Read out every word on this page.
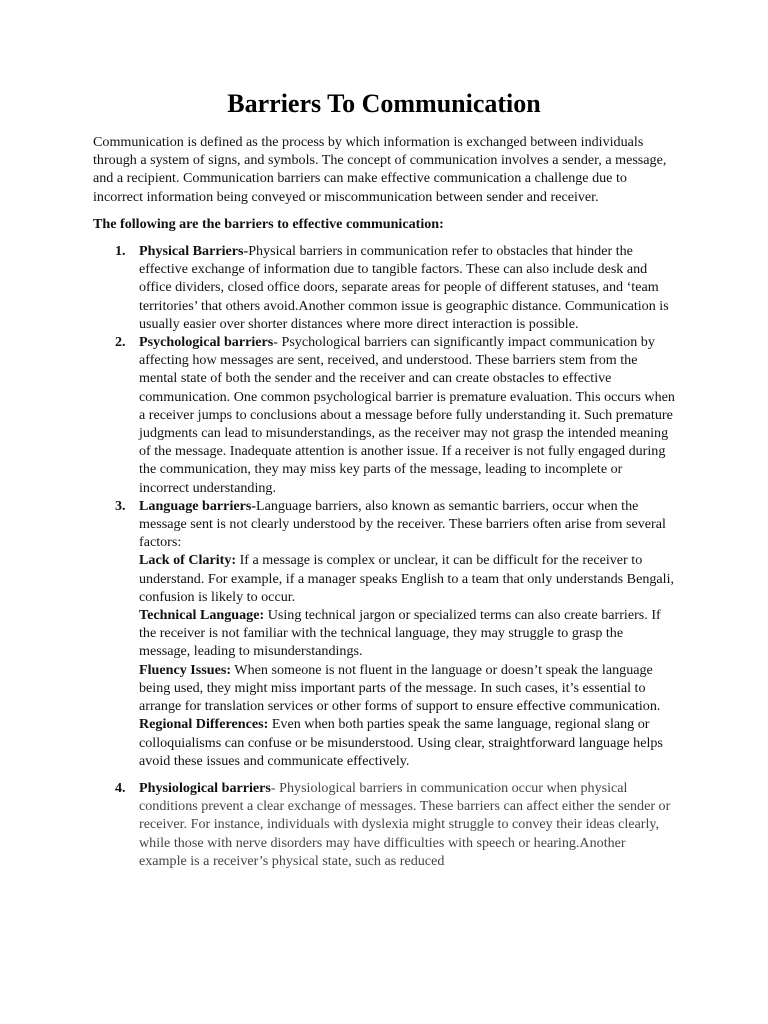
Barriers To Communication

Communication is defined as the process by which information is exchanged between individuals through a system of signs, and symbols. The concept of communication involves a sender, a message, and a recipient. Communication barriers can make effective communication a challenge due to incorrect information being conveyed or miscommunication between sender and receiver.

The following are the barriers to effective communication:

1. Physical Barriers-Physical barriers in communication refer to obstacles that hinder the effective exchange of information due to tangible factors. These can also include desk and office dividers, closed office doors, separate areas for people of different statuses, and ‘team territories’ that others avoid.Another common issue is geographic distance. Communication is usually easier over shorter distances where more direct interaction is possible.
2. Psychological barriers- Psychological barriers can significantly impact communication by affecting how messages are sent, received, and understood. These barriers stem from the mental state of both the sender and the receiver and can create obstacles to effective communication. One common psychological barrier is premature evaluation. This occurs when a receiver jumps to conclusions about a message before fully understanding it. Such premature judgments can lead to misunderstandings, as the receiver may not grasp the intended meaning of the message. Inadequate attention is another issue. If a receiver is not fully engaged during the communication, they may miss key parts of the message, leading to incomplete or incorrect understanding.
3. Language barriers-Language barriers, also known as semantic barriers, occur when the message sent is not clearly understood by the receiver. These barriers often arise from several factors:
Lack of Clarity: If a message is complex or unclear, it can be difficult for the receiver to understand. For example, if a manager speaks English to a team that only understands Bengali, confusion is likely to occur.
Technical Language: Using technical jargon or specialized terms can also create barriers. If the receiver is not familiar with the technical language, they may struggle to grasp the message, leading to misunderstandings.
Fluency Issues: When someone is not fluent in the language or doesn’t speak the language being used, they might miss important parts of the message. In such cases, it’s essential to arrange for translation services or other forms of support to ensure effective communication.
Regional Differences: Even when both parties speak the same language, regional slang or colloquialisms can confuse or be misunderstood. Using clear, straightforward language helps avoid these issues and communicate effectively.
4. Physiological barriers- Physiological barriers in communication occur when physical conditions prevent a clear exchange of messages. These barriers can affect either the sender or receiver. For instance, individuals with dyslexia might struggle to convey their ideas clearly, while those with nerve disorders may have difficulties with speech or hearing.Another example is a receiver’s physical state, such as reduced
